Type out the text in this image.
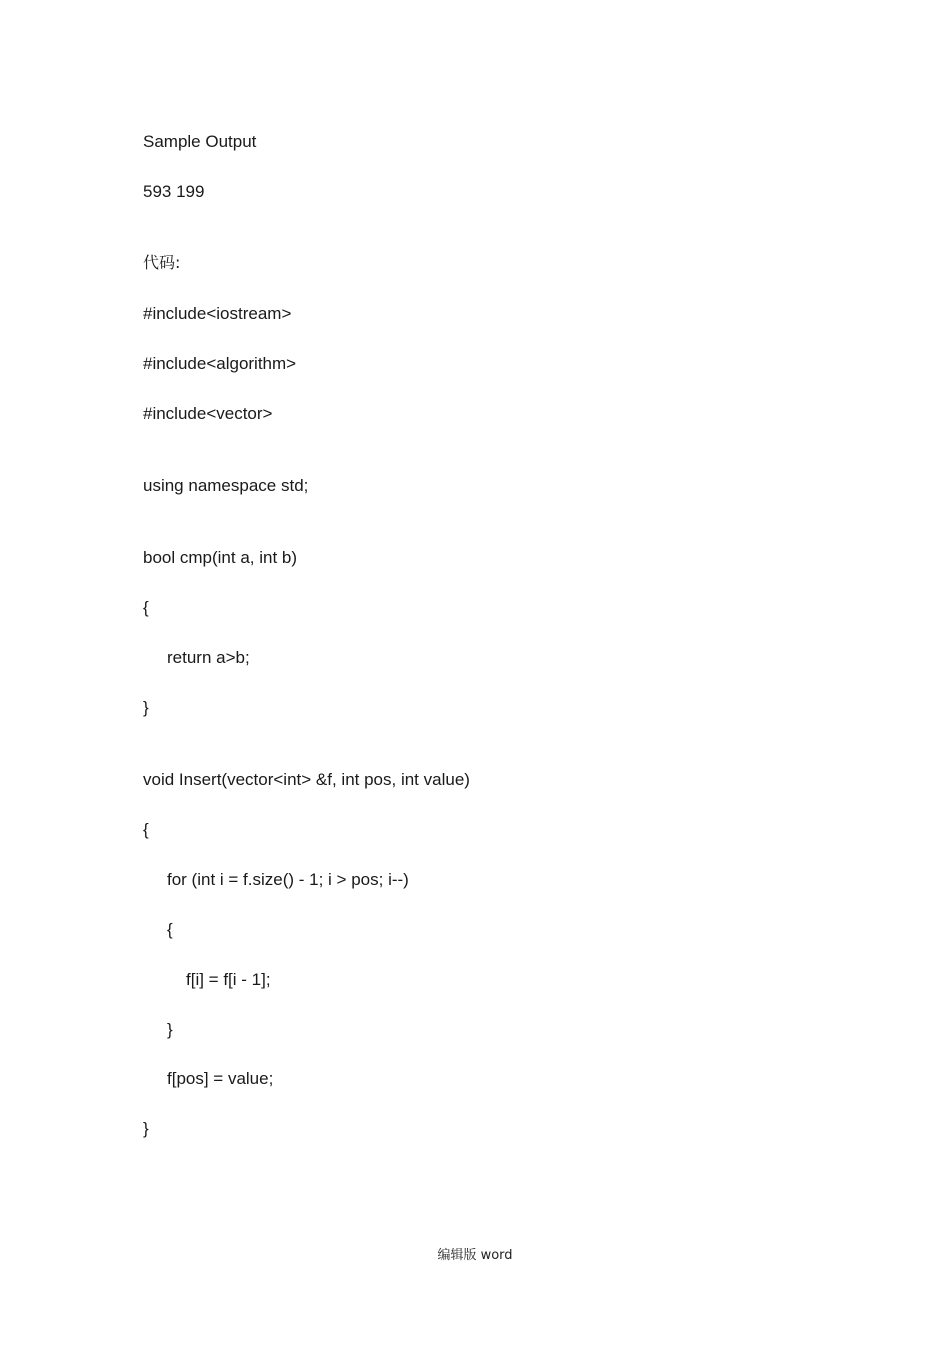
Sample Output
593 199
代码:
#include<iostream>
#include<algorithm>
#include<vector>
using namespace std;
bool cmp(int a, int b)
{
return a>b;
}
void Insert(vector<int> &f, int pos, int value)
{
for (int i = f.size() - 1; i > pos; i--)
{
f[i] = f[i - 1];
}
f[pos] = value;
}
编辑版 word
